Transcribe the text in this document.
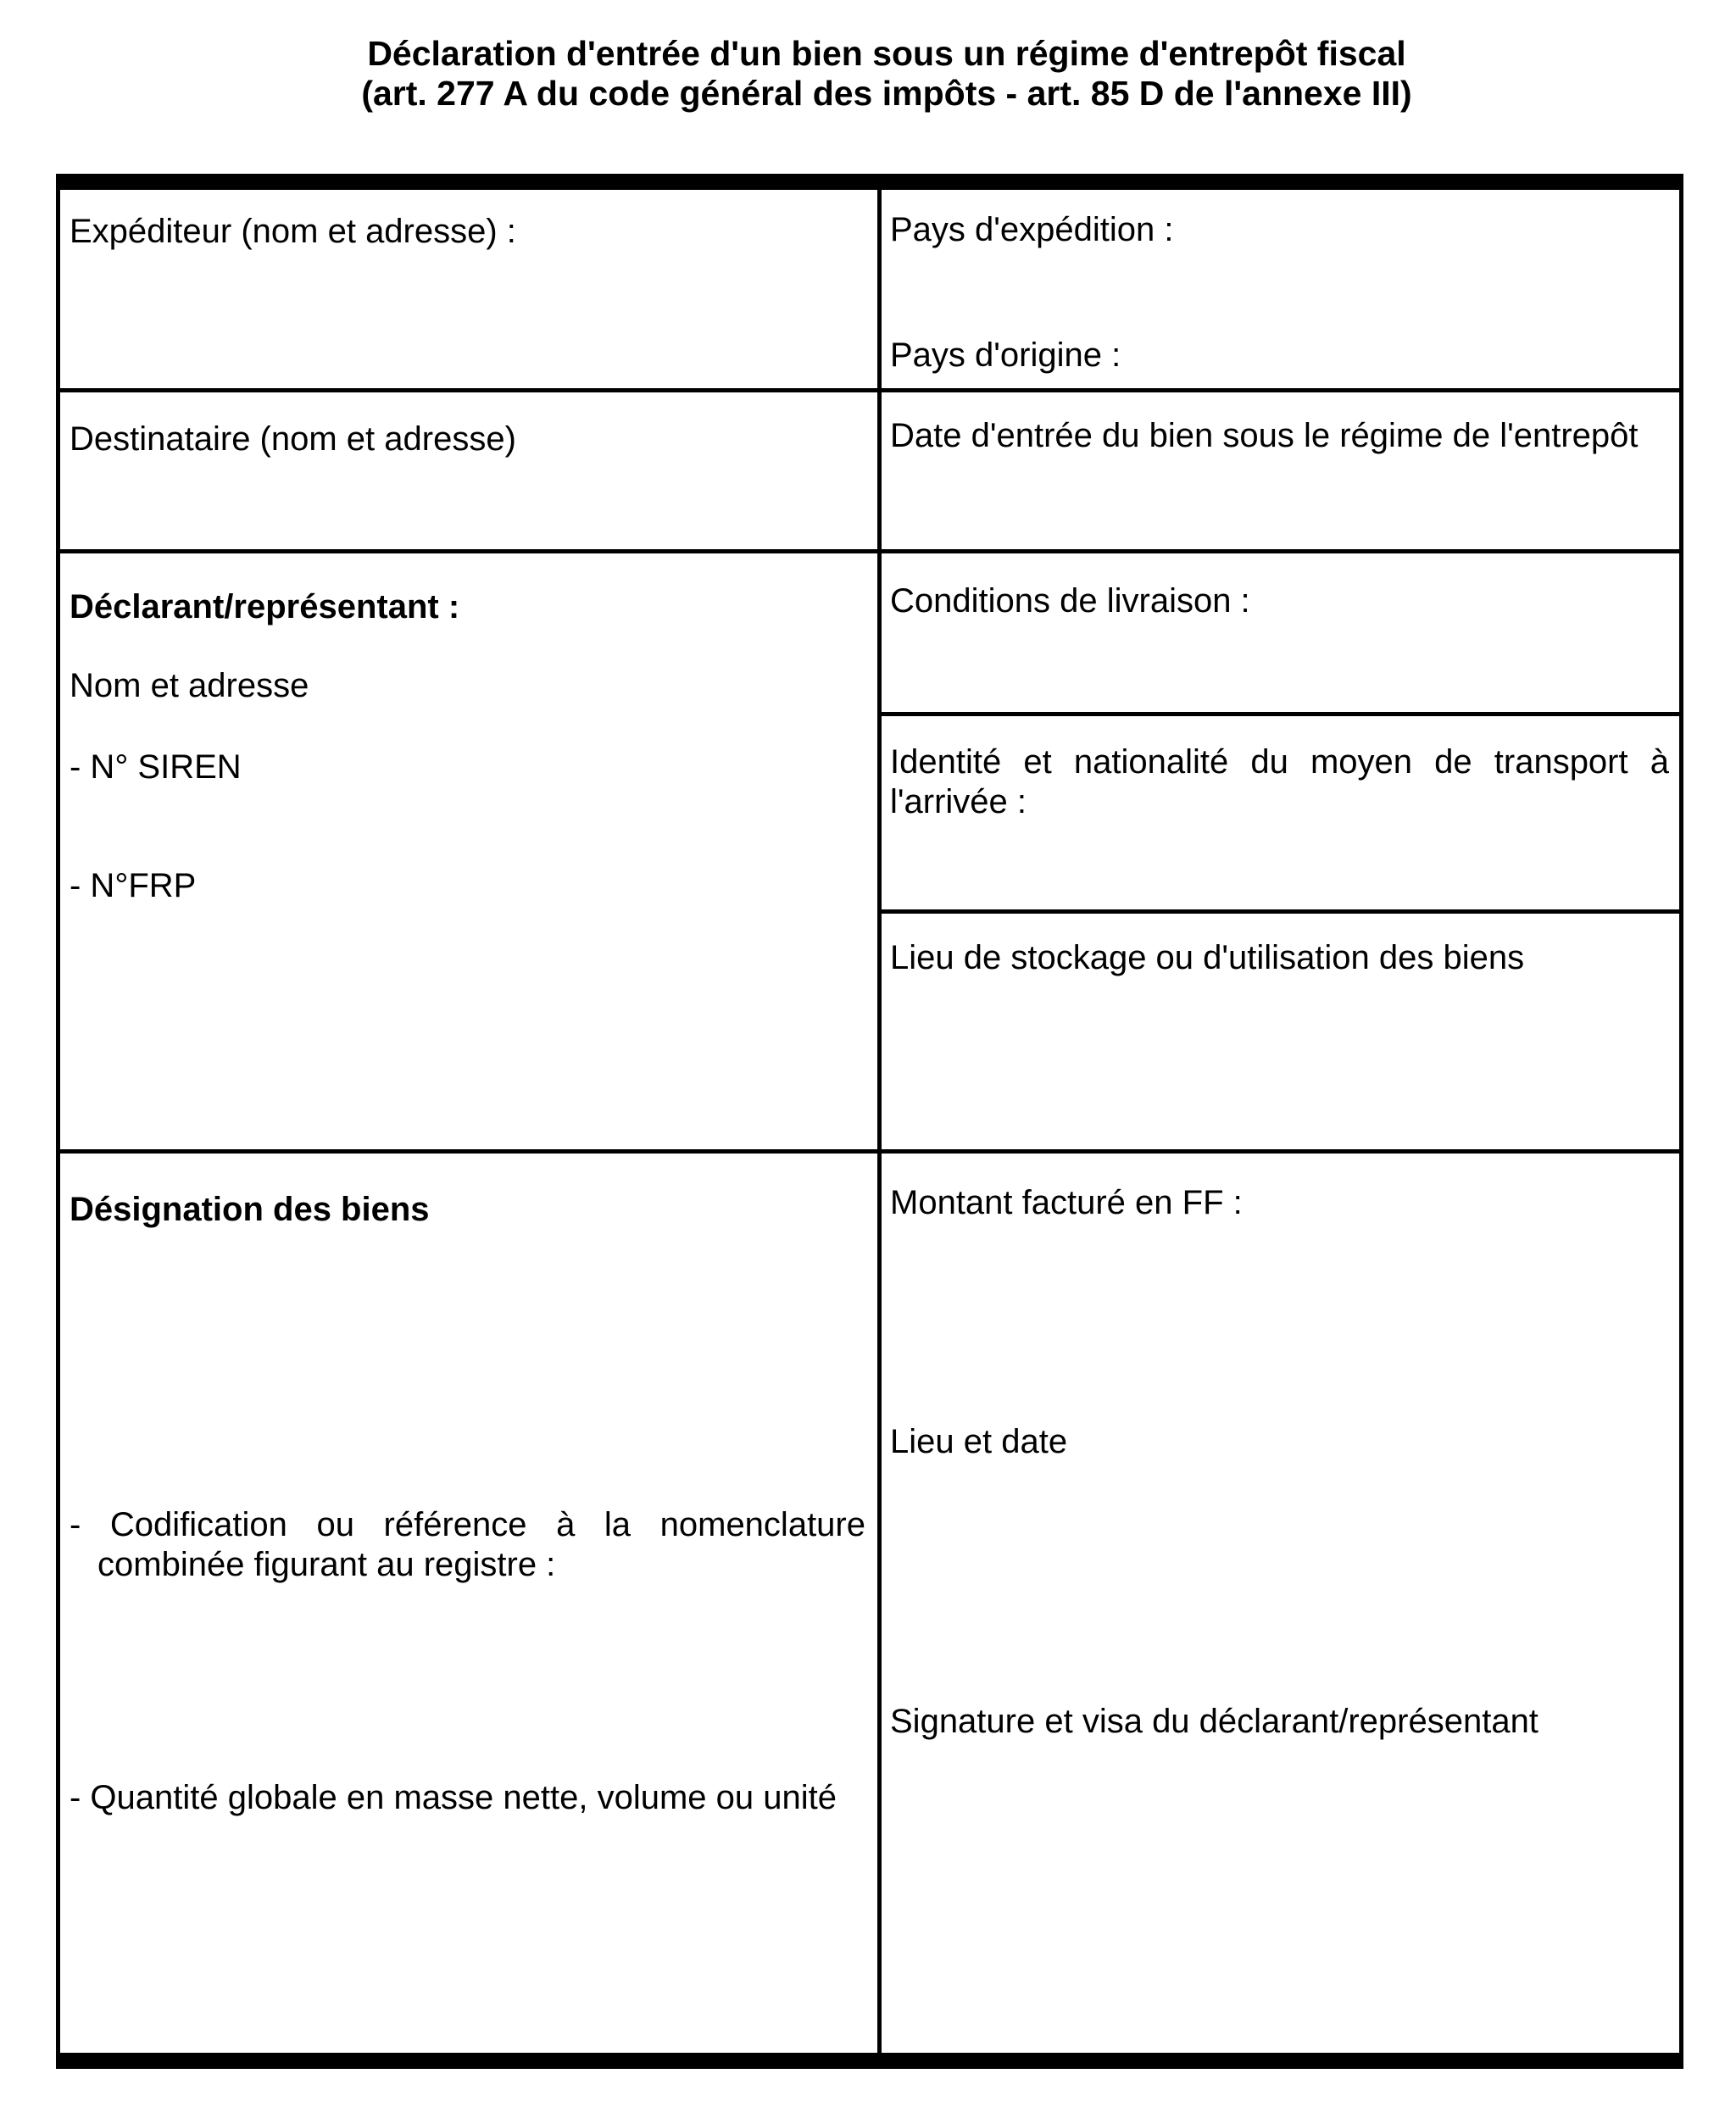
Déclaration d'entrée d'un bien sous un régime d'entrepôt fiscal
(art. 277 A du code général des impôts - art. 85 D de l'annexe III)
Expéditeur (nom et adresse) :
Destinataire (nom et adresse)
Déclarant/représentant :
Nom et adresse
- N° SIREN
- N°FRP
Désignation des biens
- Codification ou référence à la nomenclature combinée figurant au registre :
- Quantité globale en masse nette, volume ou unité
Pays d'expédition :
Pays d'origine :
Date d'entrée du bien sous le régime de l'entrepôt
Conditions de livraison :
Identité et nationalité du moyen de transport à l'arrivée :
Lieu de stockage ou d'utilisation des biens
Montant facturé en FF :
Lieu et date
Signature et visa du déclarant/représentant
